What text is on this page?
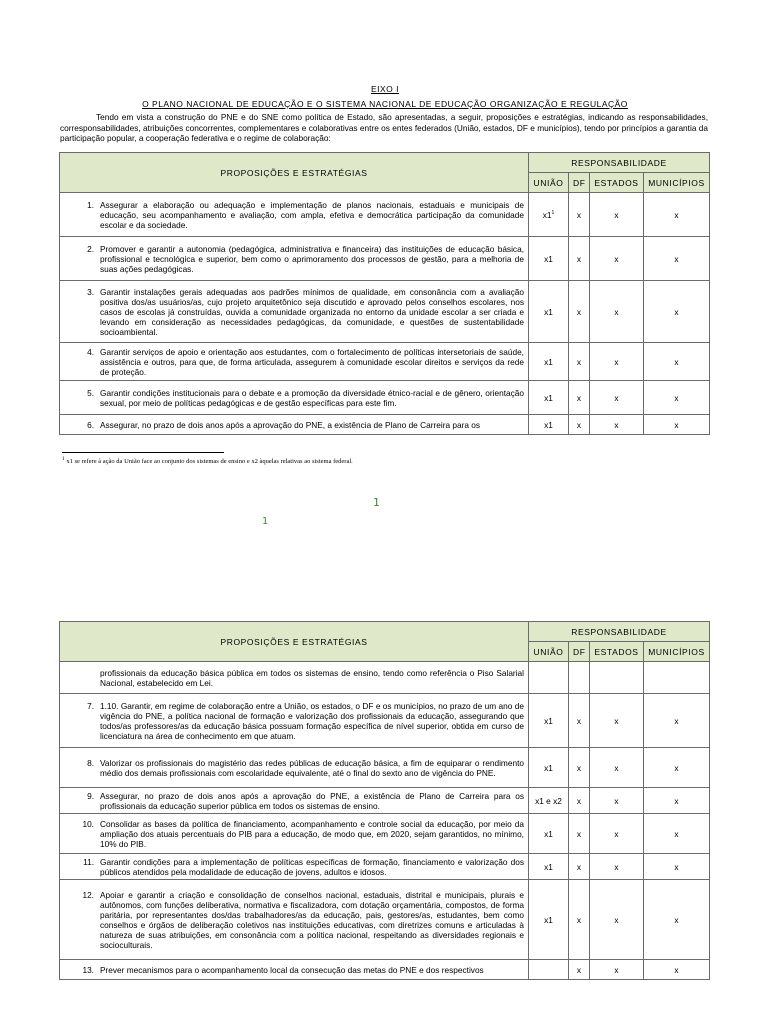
EIXO I
O PLANO NACIONAL DE EDUCAÇÃO E O SISTEMA NACIONAL DE EDUCAÇÃO ORGANIZAÇÃO E REGULAÇÃO
Tendo em vista a construção do PNE e do SNE como política de Estado, são apresentadas, a seguir, proposições e estratégias, indicando as responsabilidades, corresponsabilidades, atribuições concorrentes, complementares e colaborativas entre os entes federados (União, estados, DF e municípios), tendo por princípios a garantia da participação popular, a cooperação federativa e o regime de colaboração:
PROPOSIÇÕES E ESTRATÉGIAS	RESPONSABILIDADE			
	UNIÃO	DF	ESTADOS	MUNICÍPIOS

1. Assegurar a elaboração ou adequação e implementação de planos nacionais, estaduais e municipais de educação, seu acompanhamento e avaliação, com ampla, efetiva e democrática participação da comunidade escolar e da sociedade.	$x1^1$	x	x	x

2. Promover e garantir a autonomia (pedagógica, administrativa e financeira) das instituições de educação básica, profissional e tecnológica e superior, bem como o aprimoramento dos processos de gestão, para a melhoria de suas ações pedagógicas.	x1	x	x	x

3. Garantir instalações gerais adequadas aos padrões mínimos de qualidade, em consonância com a avaliação positiva dos/as usuários/as, cujo projeto arquitetônico seja discutido e aprovado pelos conselhos escolares, nos casos de escolas já construídas, ouvida a comunidade organizada no entorno da unidade escolar a ser criada e levando em consideração as necessidades pedagógicas, da comunidade, e questões de sustentabilidade socioambiental.	x1	x	x	x

4. Garantir serviços de apoio e orientação aos estudantes, com o fortalecimento de políticas intersetoriais de saúde, assistência e outros, para que, de forma articulada, assegurem à comunidade escolar direitos e serviços da rede de proteção.	x1	x	x	x

5. Garantir condições institucionais para o debate e a promoção da diversidade étnico-racial e de gênero, orientação sexual, por meio de políticas pedagógicas e de gestão específicas para este fim.	x1	x	x	x

6. Assegurar, no prazo de dois anos após a aprovação do PNE, a existência de Plano de Carreira para os	x1	x	x	x
$^1$ x1 se refere à ação da União face ao conjunto dos sistemas de ensino e x2 àquelas relativas ao sistema federal.
1
1
PROPOSIÇÕES E ESTRATÉGIAS	RESPONSABILIDADE			
	UNIÃO	DF	ESTADOS	MUNICÍPIOS

profissionais da educação básica pública em todos os sistemas de ensino, tendo como referência o Piso Salarial Nacional, estabelecido em Lei.				

7. 1.10. Garantir, em regime de colaboração entre a União, os estados, o DF e os municípios, no prazo de um ano de vigência do PNE, a política nacional de formação e valorização dos profissionais da educação, assegurando que todos/as professores/as da educação básica possuam formação específica de nível superior, obtida em curso de licenciatura na área de conhecimento em que atuam.	x1	x	x	x

8. Valorizar os profissionais do magistério das redes públicas de educação básica, a fim de equiparar o rendimento médio dos demais profissionais com escolaridade equivalente, até o final do sexto ano de vigência do PNE.	x1	x	x	x

9. Assegurar, no prazo de dois anos após a aprovação do PNE, a existência de Plano de Carreira para os profissionais da educação superior pública em todos os sistemas de ensino.	x1 e x2	x	x	x

10. Consolidar as bases da política de financiamento, acompanhamento e controle social da educação, por meio da ampliação dos atuais percentuais do PIB para a educação, de modo que, em 2020, sejam garantidos, no mínimo, 10% do PIB.	x1	x	x	x

11. Garantir condições para a implementação de políticas específicas de formação, financiamento e valorização dos públicos atendidos pela modalidade de educação de jovens, adultos e idosos.	x1	x	x	x

12. Apoiar e garantir a criação e consolidação de conselhos nacional, estaduais, distrital e municipais, plurais e autônomos, com funções deliberativa, normativa e fiscalizadora, com dotação orçamentária, compostos, de forma paritária, por representantes dos/das trabalhadores/as da educação, pais, gestores/as, estudantes, bem como conselhos e órgãos de deliberação coletivos nas instituições educativas, com diretrizes comuns e articuladas à natureza de suas atribuições, em consonância com a política nacional, respeitando as diversidades regionais e socioculturais.	x1	x	x	x

13. Prever mecanismos para o acompanhamento local da consecução das metas do PNE e dos respectivos		x	x	x
